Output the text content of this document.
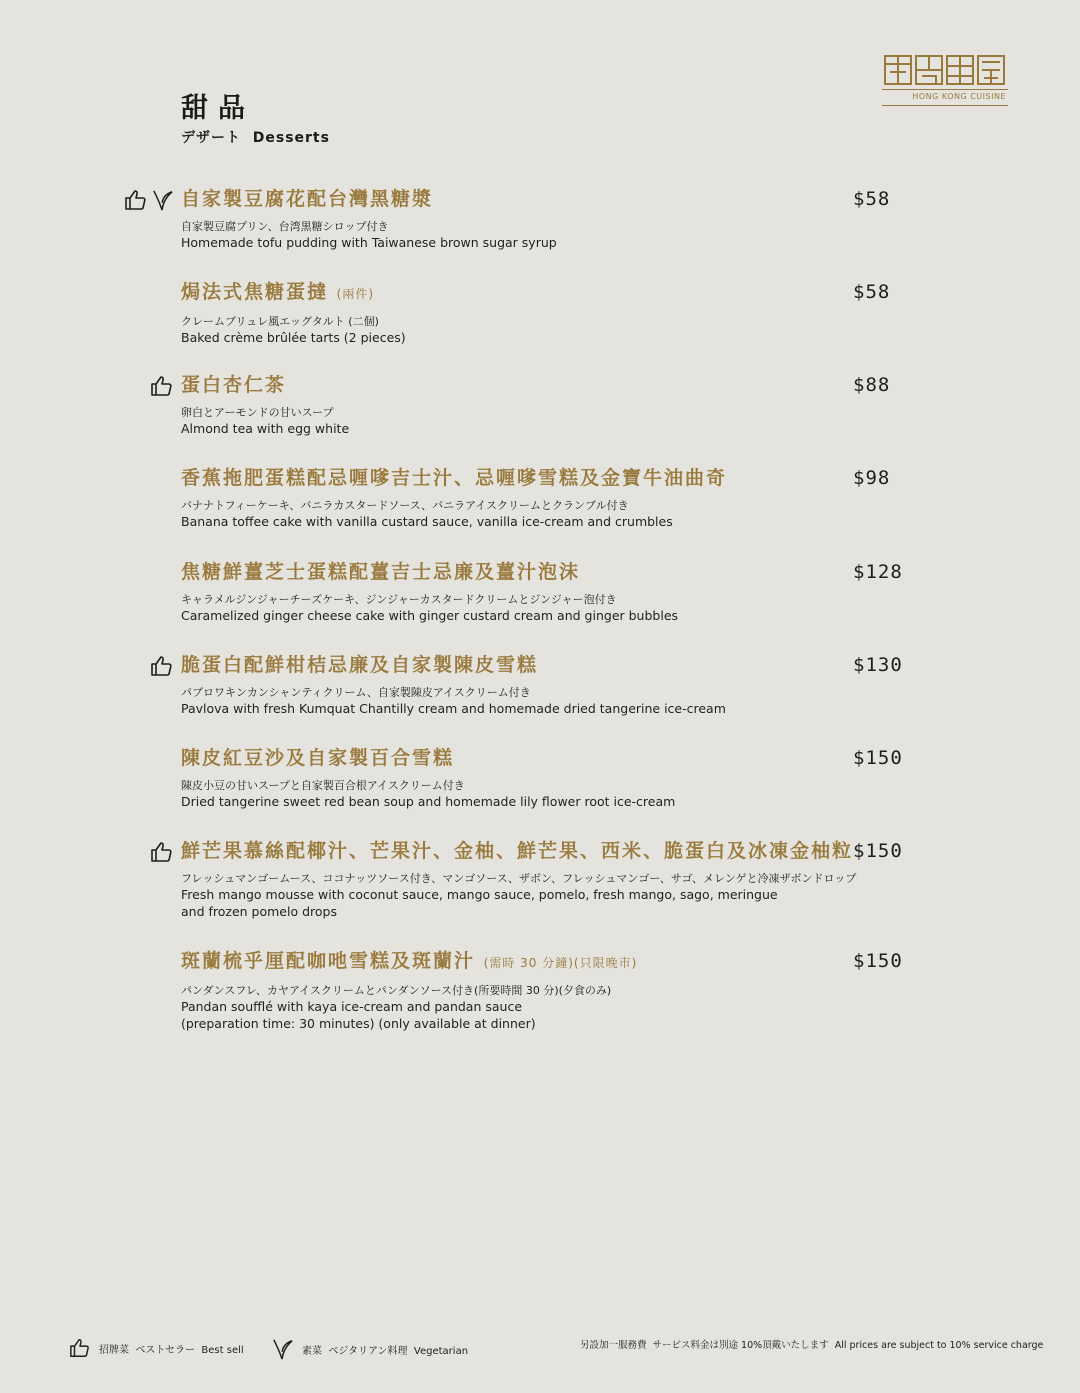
HONG KONG CUISINE
甜品
デザート  Desserts
自家製豆腐花配台灣黑糖漿	$58
自家製豆腐プリン、台湾黒糖シロップ付き
Homemade tofu pudding with Taiwanese brown sugar syrup
焗法式焦糖蛋撻 (兩件)	$58
クレームブリュレ風エッグタルト (二個)
Baked crème brûlée tarts (2 pieces)
蛋白杏仁茶	$88
卵白とアーモンドの甘いスープ
Almond tea with egg white
香蕉拖肥蛋糕配忌喱嗲吉士汁、忌喱嗲雪糕及金寶牛油曲奇	$98
バナナトフィーケーキ、バニラカスタードソース、バニラアイスクリームとクランブル付き
Banana toffee cake with vanilla custard sauce, vanilla ice-cream and crumbles
焦糖鮮薑芝士蛋糕配薑吉士忌廉及薑汁泡沫	$128
キャラメルジンジャーチーズケーキ、ジンジャーカスタードクリームとジンジャー泡付き
Caramelized ginger cheese cake with ginger custard cream and ginger bubbles
脆蛋白配鮮柑桔忌廉及自家製陳皮雪糕	$130
パブロワキンカンシャンティクリーム、自家製陳皮アイスクリーム付き
Pavlova with fresh Kumquat Chantilly cream and homemade dried tangerine ice-cream
陳皮紅豆沙及自家製百合雪糕	$150
陳皮小豆の甘いスープと自家製百合根アイスクリーム付き
Dried tangerine sweet red bean soup and homemade lily flower root ice-cream
鮮芒果慕絲配椰汁、芒果汁、金柚、鮮芒果、西米、脆蛋白及冰凍金柚粒 $150
フレッシュマンゴームース、ココナッツソース付き、マンゴソース、ザボン、フレッシュマンゴー、サゴ、メレンゲと冷凍ザボンドロップ
Fresh mango mousse with coconut sauce, mango sauce, pomelo, fresh mango, sago, meringue and frozen pomelo drops
斑蘭梳乎厘配咖吔雪糕及斑蘭汁 (需時 30 分鐘)(只限晚市)	$150
パンダンスフレ、カヤアイスクリームとパンダンソース付き(所要時間 30 分)(夕食のみ)
Pandan soufflé with kaya ice-cream and pandan sauce (preparation time: 30 minutes) (only available at dinner)
招牌菜  ベストセラー  Best sell	素菜  ベジタリアン料理  Vegetarian	另設加一服務費  サービス料金は別途 10%頂戴いたします  All prices are subject to 10% service charge
